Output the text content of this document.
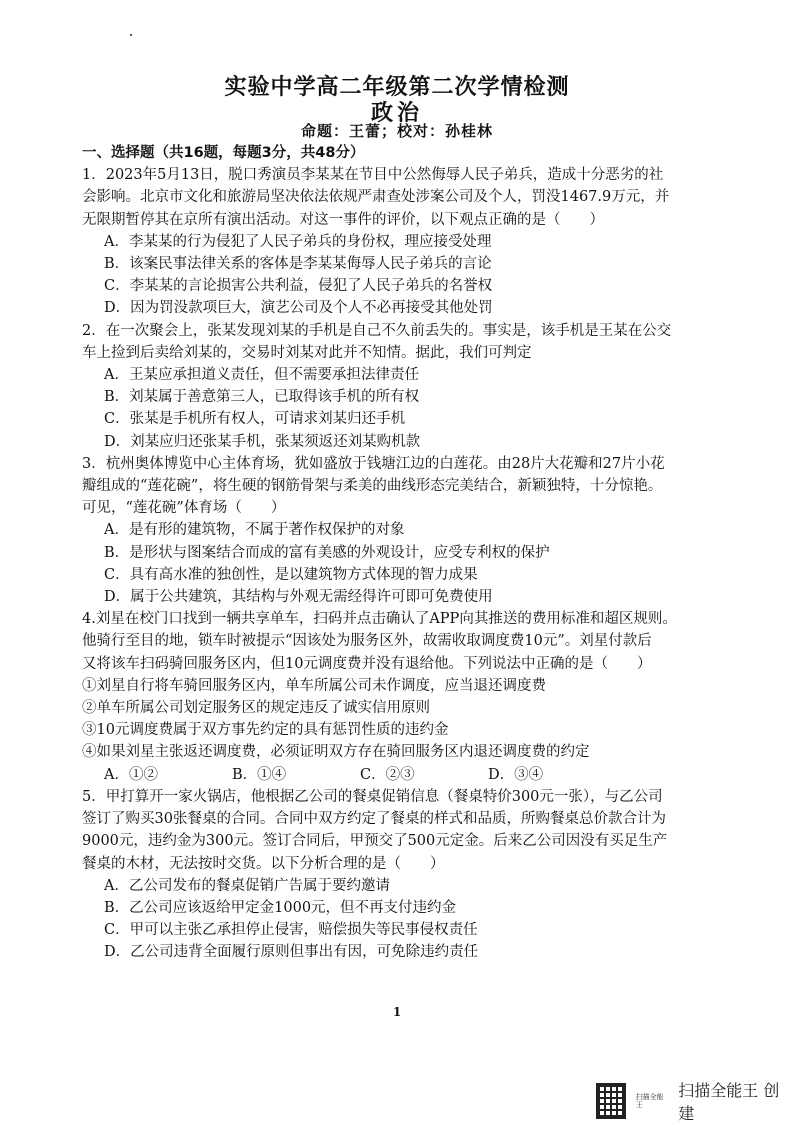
实验中学高二年级第二次学情检测
政治
命题：王蕾；校对：孙桂林
一、选择题（共16题，每题3分，共48分）
1．2023年5月13日，脱口秀演员李某某在节目中公然侮辱人民子弟兵，造成十分恶劣的社
会影响。北京市文化和旅游局坚决依法依规严肃查处涉案公司及个人，罚没1467.9万元，并
无限期暂停其在京所有演出活动。对这一事件的评价，以下观点正确的是（　　）
A．李某某的行为侵犯了人民子弟兵的身份权，理应接受处理
B．该案民事法律关系的客体是李某某侮辱人民子弟兵的言论
C．李某某的言论损害公共利益，侵犯了人民子弟兵的名誉权
D．因为罚没款项巨大，演艺公司及个人不必再接受其他处罚
2．在一次聚会上，张某发现刘某的手机是自己不久前丢失的。事实是，该手机是王某在公交
车上捡到后卖给刘某的，交易时刘某对此并不知情。据此，我们可判定
A．王某应承担道义责任，但不需要承担法律责任
B．刘某属于善意第三人，已取得该手机的所有权
C．张某是手机所有权人，可请求刘某归还手机
D．刘某应归还张某手机，张某须返还刘某购机款
3．杭州奥体博览中心主体育场，犹如盛放于钱塘江边的白莲花。由28片大花瓣和27片小花
瓣组成的“莲花碗”，将生硬的钢筋骨架与柔美的曲线形态完美结合，新颖独特，十分惊艳。
可见，“莲花碗”体育场（　　）
A．是有形的建筑物，不属于著作权保护的对象
B．是形状与图案结合而成的富有美感的外观设计，应受专利权的保护
C．具有高水准的独创性，是以建筑物方式体现的智力成果
D．属于公共建筑，其结构与外观无需经得许可即可免费使用
4.刘星在校门口找到一辆共享单车，扫码并点击确认了APP向其推送的费用标准和超区规则。
他骑行至目的地，锁车时被提示“因该处为服务区外，故需收取调度费10元”。刘星付款后
又将该车扫码骑回服务区内，但10元调度费并没有退给他。下列说法中正确的是（　　）
①刘星自行将车骑回服务区内，单车所属公司未作调度，应当退还调度费
②单车所属公司划定服务区的规定违反了诚实信用原则
③10元调度费属于双方事先约定的具有惩罚性质的违约金
④如果刘星主张返还调度费，必须证明双方存在骑回服务区内退还调度费的约定
A．①②	B．①④	C．②③	D．③④
5．甲打算开一家火锅店，他根据乙公司的餐桌促销信息（餐桌特价300元一张），与乙公司
签订了购买30张餐桌的合同。合同中双方约定了餐桌的样式和品质，所购餐桌总价款合计为
9000元，违约金为300元。签订合同后，甲预交了500元定金。后来乙公司因没有买足生产
餐桌的木材，无法按时交货。以下分析合理的是（　　）
A．乙公司发布的餐桌促销广告属于要约邀请
B．乙公司应该返给甲定金1000元，但不再支付违约金
C．甲可以主张乙承担停止侵害，赔偿损失等民事侵权责任
D．乙公司违背全面履行原则但事出有因，可免除违约责任
1
扫描全能王
扫描全能王 创建
